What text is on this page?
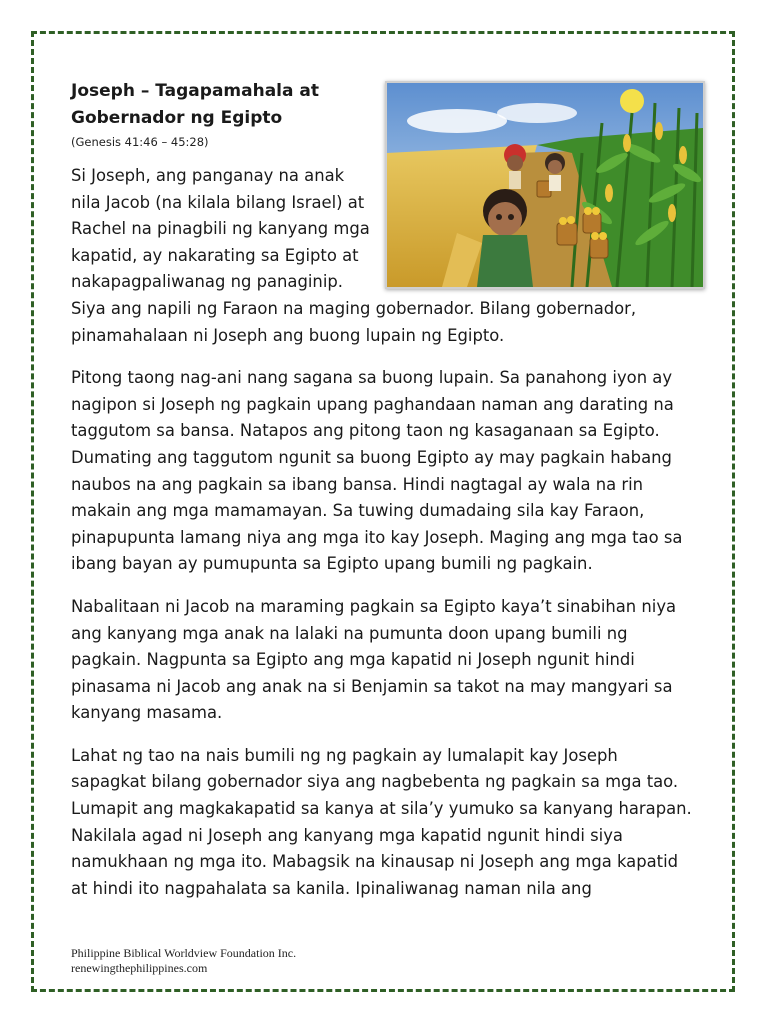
Joseph – Tagapamahala at Gobernador ng Egipto
(Genesis 41:46 – 45:28)

Si Joseph, ang panganay na anak nila Jacob (na kilala bilang Israel) at Rachel na pinagbili ng kanyang mga kapatid, ay nakarating sa Egipto at nakapagpaliwanag ng panaginip. Siya ang napili ng Faraon na maging gobernador. Bilang gobernador, pinamahalaan ni Joseph ang buong lupain ng Egipto.

Pitong taong nag-ani nang sagana sa buong lupain. Sa panahong iyon ay nagipon si Joseph ng pagkain upang paghandaan naman ang darating na taggutom sa bansa. Natapos ang pitong taon ng kasaganaan sa Egipto. Dumating ang taggutom ngunit sa buong Egipto ay may pagkain habang naubos na ang pagkain sa ibang bansa. Hindi nagtagal ay wala na rin makain ang mga mamamayan. Sa tuwing dumadaing sila kay Faraon, pinapupunta lamang niya ang mga ito kay Joseph. Maging ang mga tao sa ibang bayan ay pumupunta sa Egipto upang bumili ng pagkain.

Nabalitaan ni Jacob na maraming pagkain sa Egipto kaya’t sinabihan niya ang kanyang mga anak na lalaki na pumunta doon upang bumili ng pagkain. Nagpunta sa Egipto ang mga kapatid ni Joseph ngunit hindi pinasama ni Jacob ang anak na si Benjamin sa takot na may mangyari sa kanyang masama.

Lahat ng tao na nais bumili ng ng pagkain ay lumalapit kay Joseph sapagkat bilang gobernador siya ang nagbebenta ng pagkain sa mga tao. Lumapit ang magkakapatid sa kanya at sila’y yumuko sa kanyang harapan. Nakilala agad ni Joseph ang kanyang mga kapatid ngunit hindi siya namukhaan ng mga ito. Mabagsik na kinausap ni Joseph ang mga kapatid at hindi ito nagpahalata sa kanila. Ipinaliwanag naman nila ang

Philippine Biblical Worldview Foundation Inc.
renewingthephilippines.com
